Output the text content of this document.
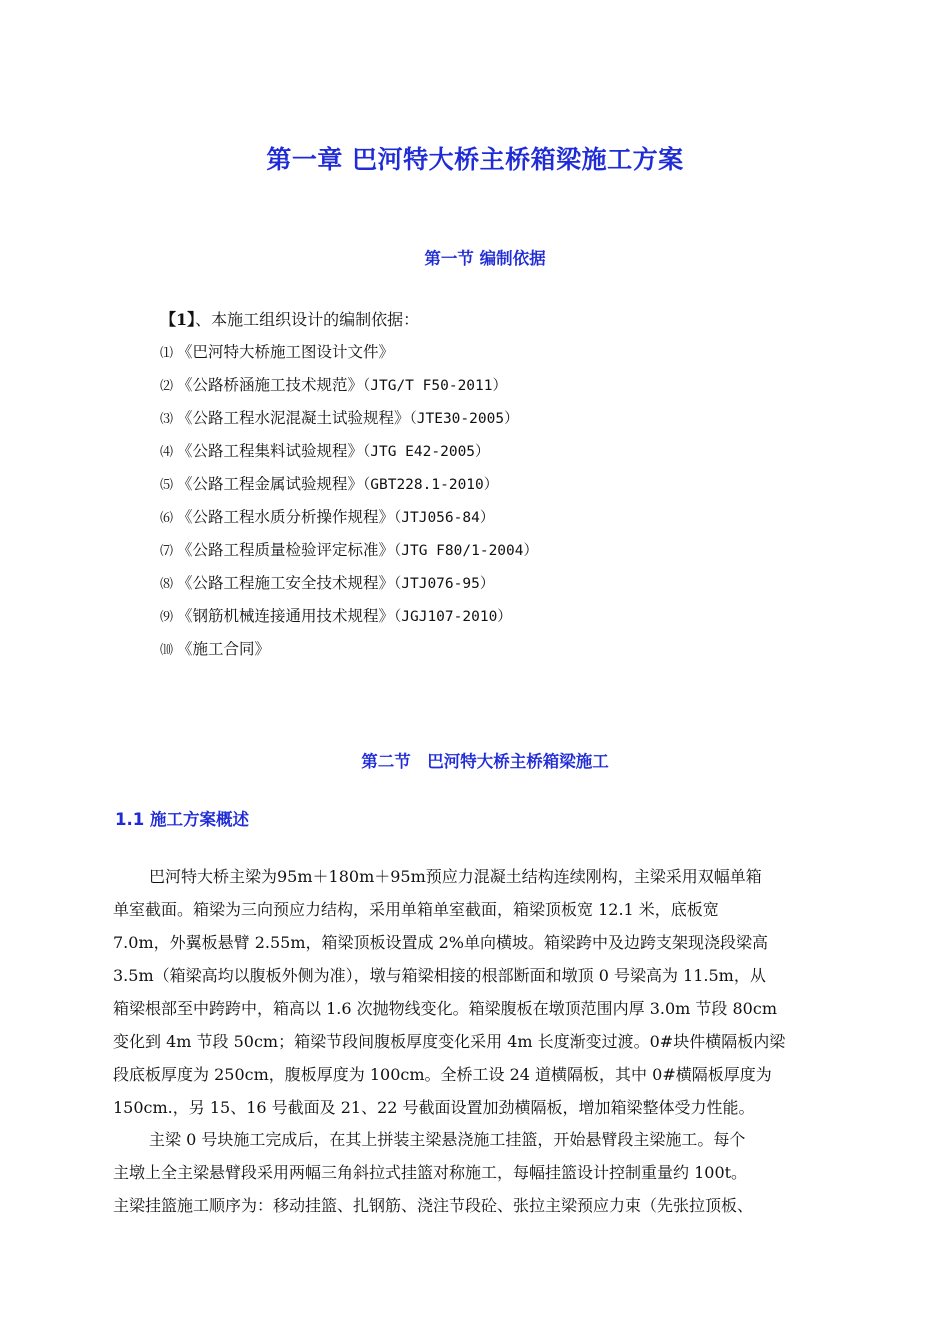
第一章 巴河特大桥主桥箱梁施工方案
第一节 编制依据
【1】、本施工组织设计的编制依据：
⑴ 《巴河特大桥施工图设计文件》
⑵ 《公路桥涵施工技术规范》（JTG/T F50-2011）
⑶ 《公路工程水泥混凝土试验规程》（JTE30-2005）
⑷ 《公路工程集料试验规程》（JTG E42-2005）
⑸ 《公路工程金属试验规程》（GBT228.1-2010）
⑹ 《公路工程水质分析操作规程》（JTJ056-84）
⑺ 《公路工程质量检验评定标准》（JTG F80/1-2004）
⑻ 《公路工程施工安全技术规程》（JTJ076-95）
⑼ 《钢筋机械连接通用技术规程》（JGJ107-2010）
⑽ 《施工合同》
第二节　巴河特大桥主桥箱梁施工
1.1 施工方案概述
巴河特大桥主梁为95m＋180m＋95m预应力混凝土结构连续刚构，主梁采用双幅单箱
单室截面。箱梁为三向预应力结构，采用单箱单室截面，箱梁顶板宽 12.1 米，底板宽
7.0m，外翼板悬臂 2.55m，箱梁顶板设置成 2%单向横坡。箱梁跨中及边跨支架现浇段梁高
3.5m（箱梁高均以腹板外侧为准），墩与箱梁相接的根部断面和墩顶 0 号梁高为 11.5m，从
箱梁根部至中跨跨中，箱高以 1.6 次抛物线变化。箱梁腹板在墩顶范围内厚 3.0m 节段 80cm
变化到 4m 节段 50cm；箱梁节段间腹板厚度变化采用 4m 长度渐变过渡。0#块件横隔板内梁
段底板厚度为 250cm，腹板厚度为 100cm。全桥工设 24 道横隔板，其中 0#横隔板厚度为
150cm.，另 15、16 号截面及 21、22 号截面设置加劲横隔板，增加箱梁整体受力性能。
主梁 0 号块施工完成后，在其上拼装主梁悬浇施工挂篮，开始悬臂段主梁施工。每个
主墩上全主梁悬臂段采用两幅三角斜拉式挂篮对称施工，每幅挂篮设计控制重量约 100t。
主梁挂篮施工顺序为：移动挂篮、扎钢筋、浇注节段砼、张拉主梁预应力束（先张拉顶板、
